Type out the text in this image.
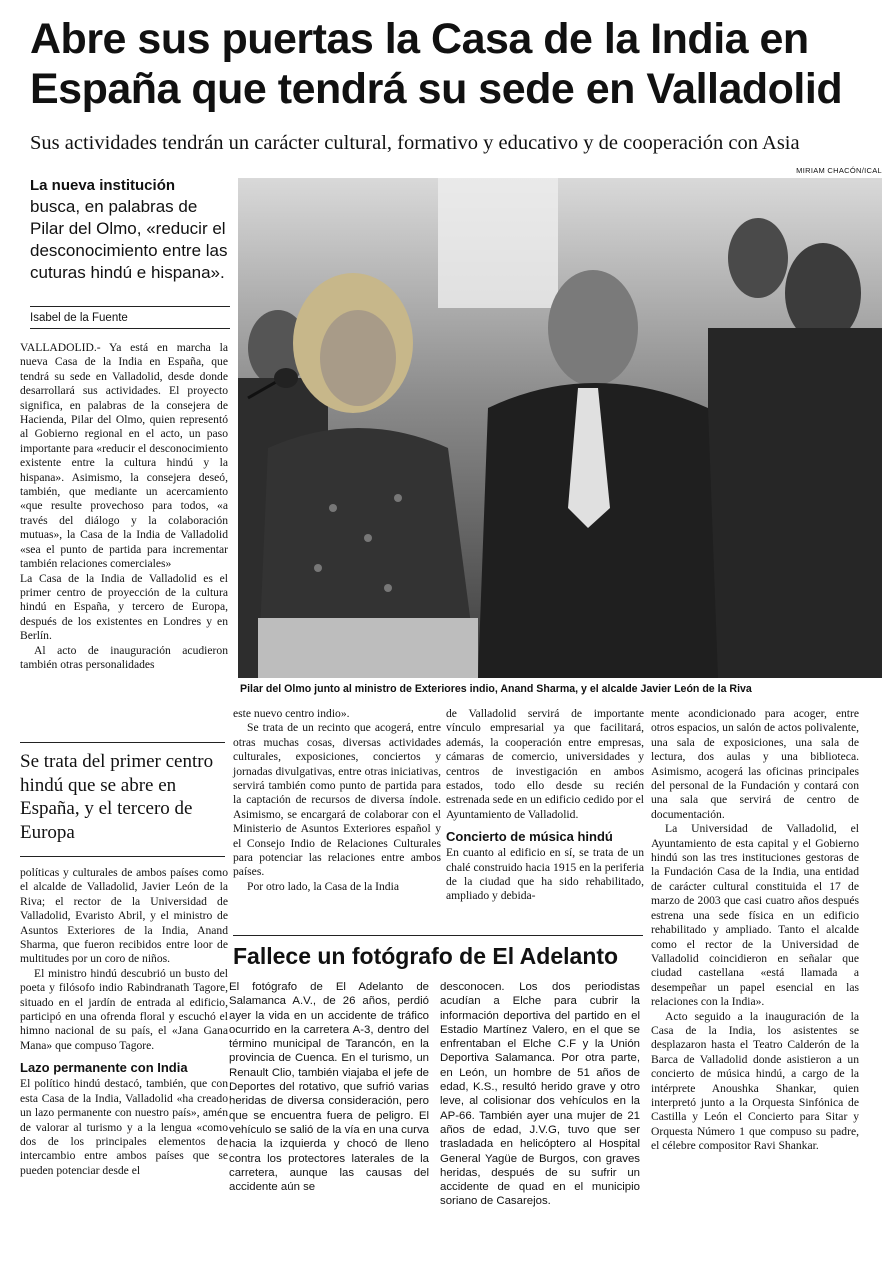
Abre sus puertas la Casa de la India en
España que tendrá su sede en Valladolid
Sus actividades tendrán un carácter cultural, formativo y educativo y de cooperación con Asia
MIRIAM CHACÓN/ICAL
La nueva institución
busca, en palabras de Pilar del Olmo, «reducir el desconocimiento entre las cuturas hindú e hispana».
Isabel de la Fuente

VALLADOLID.- Ya está en marcha la nueva Casa de la India en España, que tendrá su sede en Valladolid, desde donde desarrollará sus actividades. El proyecto significa, en palabras de la consejera de Hacienda, Pilar del Olmo, quien representó al Gobierno regional en el acto, un paso importante para «reducir el desconocimiento existente entre la cultura hindú y la hispana». Asimismo, la consejera deseó, también, que mediante un acercamiento «que resulte provechoso para todos, «a través del diálogo y la colaboración mutuas», la Casa de la India de Valladolid «sea el punto de partida para incrementar también relaciones comerciales»

La Casa de la India de Valladolid es el primer centro de proyección de la cultura hindú en España, y tercero de Europa, después de los existentes en Londres y en Berlín.

Al acto de inauguración acudieron también otras personalidades

Se trata del primer centro hindú que se abre en España, y el tercero de Europa

políticas y culturales de ambos países como el alcalde de Valladolid, Javier León de la Riva; el rector de la Universidad de Valladolid, Evaristo Abril, y el ministro de Asuntos Exteriores de la India, Anand Sharma, que fueron recibidos entre loor de multitudes por un coro de niños.

El ministro hindú descubrió un busto del poeta y filósofo indio Rabindranath Tagore, situado en el jardín de entrada al edificio, participó en una ofrenda floral y escuchó el himno nacional de su país, el «Jana Gana Mana» que compuso Tagore.

Lazo permanente con India

El político hindú destacó, también, que con esta Casa de la India, Valladolid «ha creado un lazo permanente con nuestro país», amén de valorar al turismo y a la lengua «como dos de los principales elementos de intercambio entre ambos países que se pueden potenciar desde el

Pilar del Olmo junto al ministro de Exteriores indio, Anand Sharma, y el alcalde Javier León de la Riva

este nuevo centro indio».

Se trata de un recinto que acogerá, entre otras muchas cosas, diversas actividades culturales, exposiciones, conciertos y jornadas divulgativas, entre otras iniciativas, servirá también como punto de partida para la captación de recursos de diversa índole. Asimismo, se encargará de colaborar con el Ministerio de Asuntos Exteriores español y el Consejo Indio de Relaciones Culturales para potenciar las relaciones entre ambos países.

Por otro lado, la Casa de la India

de Valladolid servirá de importante vínculo empresarial ya que facilitará, además, la cooperación entre empresas, cámaras de comercio, universidades y centros de investigación en ambos estados, todo ello desde su recién estrenada sede en un edificio cedido por el Ayuntamiento de Valladolid.

Concierto de música hindú

En cuanto al edificio en sí, se trata de un chalé construido hacia 1915 en la periferia de la ciudad que ha sido rehabilitado, ampliado y debida-

mente acondicionado para acoger, entre otros espacios, un salón de actos polivalente, una sala de exposiciones, una sala de lectura, dos aulas y una biblioteca. Asimismo, acogerá las oficinas principales del personal de la Fundación y contará con una sala que servirá de centro de documentación.

La Universidad de Valladolid, el Ayuntamiento de esta capital y el Gobierno hindú son las tres instituciones gestoras de la Fundación Casa de la India, una entidad de carácter cultural constituida el 17 de marzo de 2003 que casi cuatro años después estrena una sede física en un edificio rehabilitado y ampliado. Tanto el alcalde como el rector de la Universidad de Valladolid coincidieron en señalar que ciudad castellana «está llamada a desempeñar un papel esencial en las relaciones con la India».

Acto seguido a la inauguración de la Casa de la India, los asistentes se desplazaron hasta el Teatro Calderón de la Barca de Valladolid donde asistieron a un concierto de música hindú, a cargo de la intérprete Anoushka Shankar, quien interpretó junto a la Orquesta Sinfónica de Castilla y León el Concierto para Sitar y Orquesta Número 1 que compuso su padre, el célebre compositor Ravi Shankar.

Fallece un fotógrafo de El Adelanto
El fotógrafo de El Adelanto de Salamanca A.V., de 26 años, perdió ayer la vida en un accidente de tráfico ocurrido en la carretera A-3, dentro del término municipal de Tarancón, en la provincia de Cuenca. En el turismo, un Renault Clio, también viajaba el jefe de Deportes del rotativo, que sufrió varias heridas de diversa consideración, pero que se encuentra fuera de peligro. El vehículo se salió de la vía en una curva hacia la izquierda y chocó de lleno contra los protectores laterales de la carretera, aunque las causas del accidente aún se
desconocen. Los dos periodistas acudían a Elche para cubrir la información deportiva del partido en el Estadio Martínez Valero, en el que se enfrentaban el Elche C.F y la Unión Deportiva Salamanca. Por otra parte, en León, un hombre de 51 años de edad, K.S., resultó herido grave y otro leve, al colisionar dos vehículos en la AP-66. También ayer una mujer de 21 años de edad, J.V.G, tuvo que ser trasladada en helicóptero al Hospital General Yagüe de Burgos, con graves heridas, después de su sufrir un accidente de quad en el municipio soriano de Casarejos.
